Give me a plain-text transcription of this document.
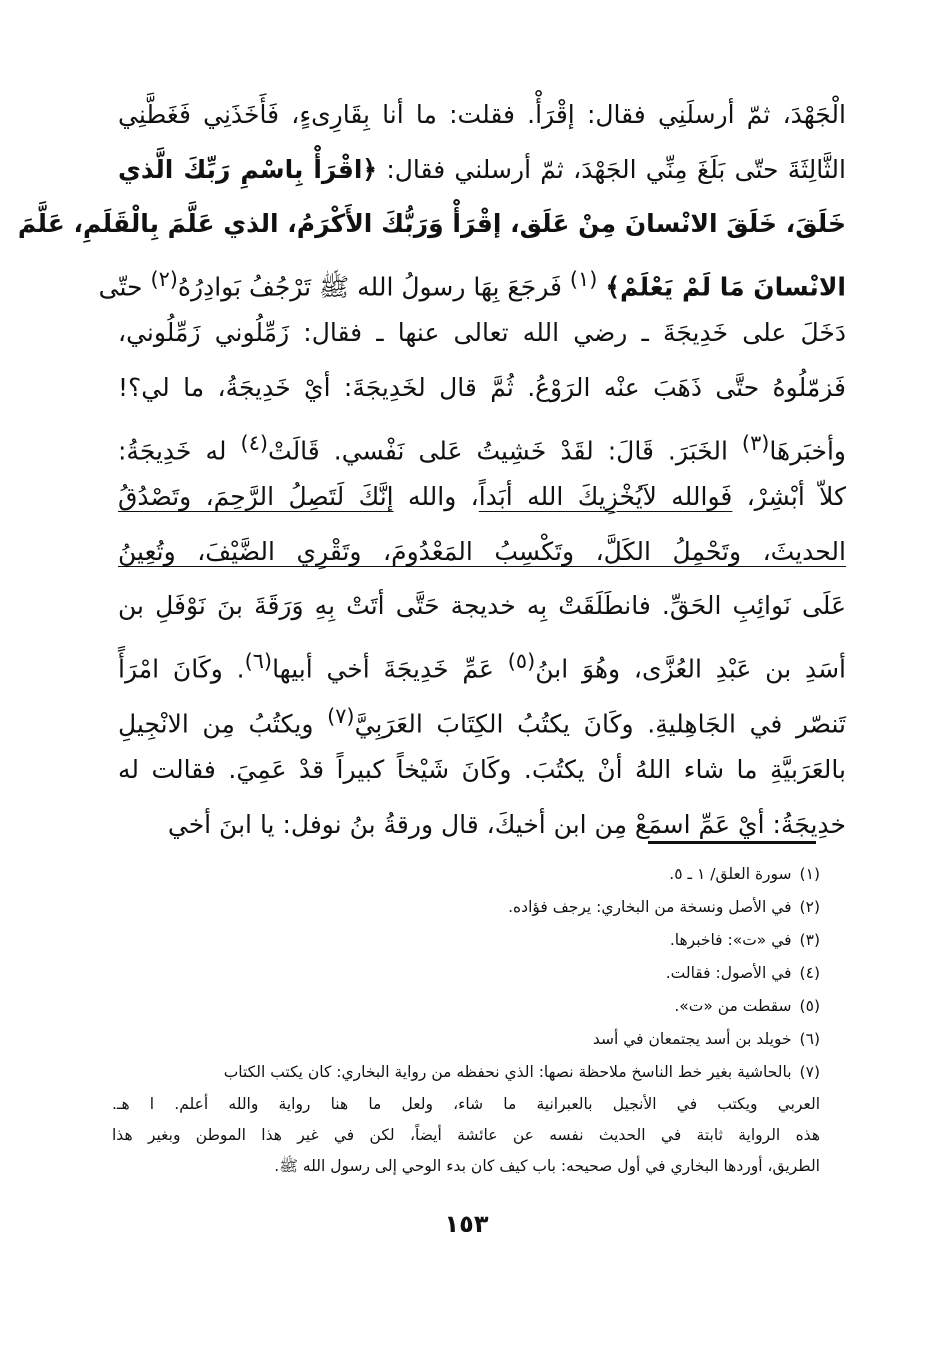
الْجَهْدَ، ثمّ أرسلَنِي فقال: إقْرَأْ. فقلت: ما أنا بِقَارِىءٍ، فَأَخَذَنِي فَغَطَّنِي
الثَّالِثَةَ حتّى بَلَغَ مِنِّي الجَهْدَ، ثمّ أرسلني فقال: ﴿اقْرَأْ بِاسْمِ رَبِّكَ الَّذي
خَلَقَ، خَلَقَ الانْسانَ مِنْ عَلَق، إقْرَأْ وَرَبُّكَ الأَكْرَمُ، الذي عَلَّمَ بِالْقَلَمِ، عَلَّمَ
الانْسانَ مَا لَمْ يَعْلَمْ﴾ $^{(١)}$ فَرجَعَ بِهَا رسولُ الله ﷺ تَرْجُفُ بَوادِرُهُ$^{(٢)}$ حتّى
دَخَلَ على خَدِيجَةَ ـ رضي الله تعالى عنها ـ فقال: زَمِّلُوني زَمِّلُوني،
فَزمّلُوهُ حتَّى ذَهَبَ عنْه الرَوْعُ. ثُمَّ قال لخَدِيجَةَ: أيْ خَدِيجَةُ، ما لي؟!
وأخبَرهَا$^{(٣)}$ الخَبَرَ. قَالَ: لقَدْ خَشِيتُ عَلى نَفْسي. قَالَتْ$^{(٤)}$ له خَدِيجَةُ:
كلاّ أبْشِرْ، فَوالله لاَيُخْزِيكَ الله أبَداً، والله إنَّكَ لَتَصِلُ الرَّحِمَ، وتَصْدُقُ
الحديثَ، وتَحْمِلُ الكَلَّ، وتَكْسِبُ المَعْدُومَ، وتَقْرِي الضَّيْفَ، وتُعِينُ
عَلَى نَوائِبِ الحَقِّ. فانطَلَقَتْ بِه خديجة حَتَّى أتَتْ بِهِ وَرَقَةَ بنَ نَوْفَلِ بن
أسَدِ بن عَبْدِ العُزَّى، وهُوَ ابنُ$^{(٥)}$ عَمِّ خَدِيجَةَ أخي أبيها$^{(٦)}$. وكَانَ امْرَأً
تَنصّر في الجَاهِليةِ. وكَانَ يكتُبُ الكِتَابَ العَرَبِيَّ$^{(٧)}$ ويكتُبُ مِن الانْجِيلِ
بالعَرَبيَّةِ ما شاء اللهُ أنْ يكتُبَ. وكَانَ شَيْخاً كبيراً قدْ عَمِيَ. فقالت له
خدِيجَةُ: أيْ عَمِّ اسمَعْ مِن ابن أخيكَ، قال ورقةُ بنُ نوفل: يا ابنَ أخي
(١)سورة العلق/ ١ ـ ٥.
(٢)في الأصل ونسخة من البخاري: يرجف فؤاده.
(٣)في «ت»: فاخبرها.
(٤)في الأصول: فقالت.
(٥)سقطت من «ت».
(٦)خويلد بن أسد يجتمعان في أسد
(٧)بالحاشية بغير خط الناسخ ملاحظة نصها: الذي نحفظه من رواية البخاري: كان يكتب الكتاب
العربي ويكتب في الأنجيل بالعبرانية ما شاء، ولعل ما هنا رواية والله أعلم. ا هـ.
هذه الرواية ثابتة في الحديث نفسه عن عائشة أيضاً، لكن في غير هذا الموطن وبغير هذا
الطريق، أوردها البخاري في أول صحيحه: باب كيف كان بدء الوحي إلى رسول الله ﷺ.
١٥٣
